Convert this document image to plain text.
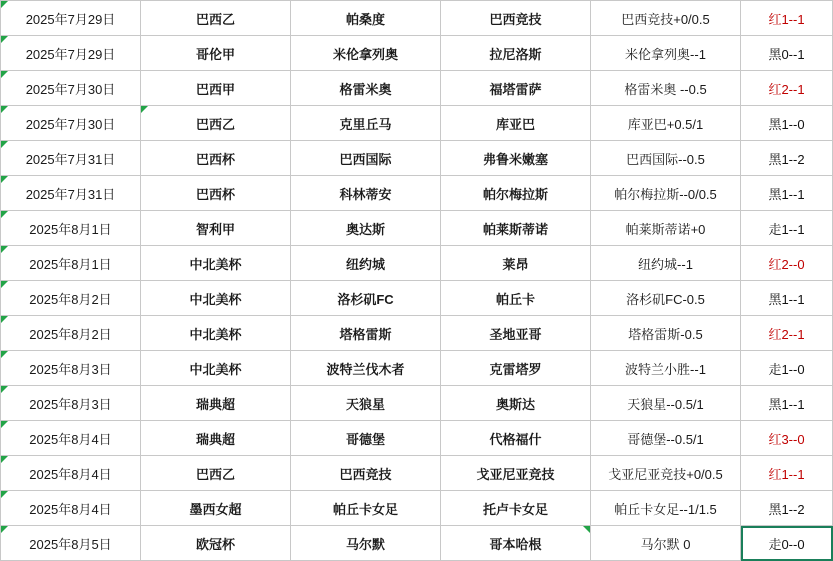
2025年7月29日	巴西乙	帕桑度	巴西竞技	巴西竞技+0/0.5	红1--1

2025年7月29日	哥伦甲	米伦拿列奥	拉尼洛斯	米伦拿列奥--1	黑0--1

2025年7月30日	巴西甲	格雷米奥	福塔雷萨	格雷米奥 --0.5	红2--1

2025年7月30日	巴西乙	克里丘马	库亚巴	库亚巴+0.5/1	黑1--0

2025年7月31日	巴西杯	巴西国际	弗鲁米嫩塞	巴西国际--0.5	黑1--2

2025年7月31日	巴西杯	科林蒂安	帕尔梅拉斯	帕尔梅拉斯--0/0.5	黑1--1

2025年8月1日	智利甲	奥达斯	帕莱斯蒂诺	帕莱斯蒂诺+0	走1--1

2025年8月1日	中北美杯	纽约城	莱昂	纽约城--1	红2--0

2025年8月2日	中北美杯	洛杉矶FC	帕丘卡	洛杉矶FC-0.5	黑1--1

2025年8月2日	中北美杯	塔格雷斯	圣地亚哥	塔格雷斯-0.5	红2--1

2025年8月3日	中北美杯	波特兰伐木者	克雷塔罗	波特兰小胜--1	走1--0

2025年8月3日	瑞典超	天狼星	奥斯达	天狼星--0.5/1	黑1--1

2025年8月4日	瑞典超	哥德堡	代格福什	哥德堡--0.5/1	红3--0

2025年8月4日	巴西乙	巴西竞技	戈亚尼亚竞技	戈亚尼亚竞技+0/0.5	红1--1

2025年8月4日	墨西女超	帕丘卡女足	托卢卡女足	帕丘卡女足--1/1.5	黑1--2

2025年8月5日	欧冠杯	马尔默	哥本哈根	马尔默 0	走0--0
